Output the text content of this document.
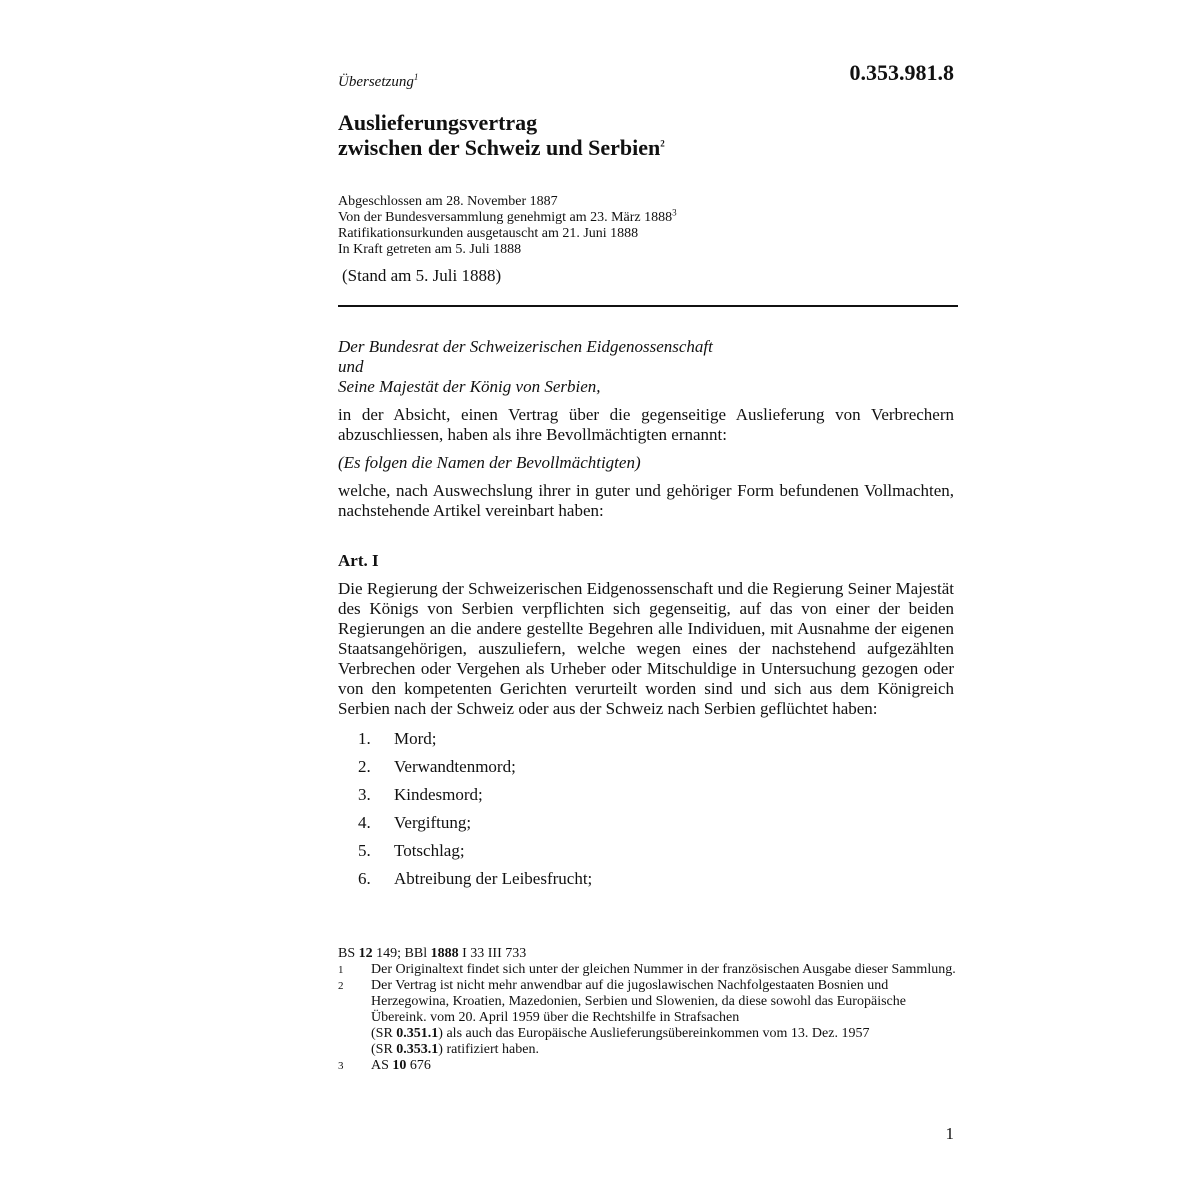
0.353.981.8
Übersetzung$^1$
Auslieferungsvertrag
zwischen der Schweiz und Serbien$^2$
Abgeschlossen am 28. November 1887
Von der Bundesversammlung genehmigt am 23. März 1888$^3$
Ratifikationsurkunden ausgetauscht am 21. Juni 1888
In Kraft getreten am 5. Juli 1888
(Stand am 5. Juli 1888)
Der Bundesrat der Schweizerischen Eidgenossenschaft
und
Seine Majestät der König von Serbien,

in der Absicht, einen Vertrag über die gegenseitige Auslieferung von Verbrechern abzuschliessen, haben als ihre Bevollmächtigten ernannt:

(Es folgen die Namen der Bevollmächtigten)

welche, nach Auswechslung ihrer in guter und gehöriger Form befundenen Vollmachten, nachstehende Artikel vereinbart haben:

Art. I

Die Regierung der Schweizerischen Eidgenossenschaft und die Regierung Seiner Majestät des Königs von Serbien verpflichten sich gegenseitig, auf das von einer der beiden Regierungen an die andere gestellte Begehren alle Individuen, mit Ausnahme der eigenen Staatsangehörigen, auszuliefern, welche wegen eines der nachstehend aufgezählten Verbrechen oder Vergehen als Urheber oder Mitschuldige in Untersuchung gezogen oder von den kompetenten Gerichten verurteilt worden sind und sich aus dem Königreich Serbien nach der Schweiz oder aus der Schweiz nach Serbien geflüchtet haben:

1.	Mord;
2.	Verwandtenmord;
3.	Kindesmord;
4.	Vergiftung;
5.	Totschlag;
6.	Abtreibung der Leibesfrucht;
BS 12 149; BBl 1888 I 33 III 733
1	Der Originaltext findet sich unter der gleichen Nummer in der französischen Ausgabe dieser Sammlung.
2	Der Vertrag ist nicht mehr anwendbar auf die jugoslawischen Nachfolgestaaten Bosnien und Herzegowina, Kroatien, Mazedonien, Serbien und Slowenien, da diese sowohl das Europäische Übereink. vom 20. April 1959 über die Rechtshilfe in Strafsachen
(SR 0.351.1) als auch das Europäische Auslieferungsübereinkommen vom 13. Dez. 1957
(SR 0.353.1) ratifiziert haben.
3	AS 10 676
1
